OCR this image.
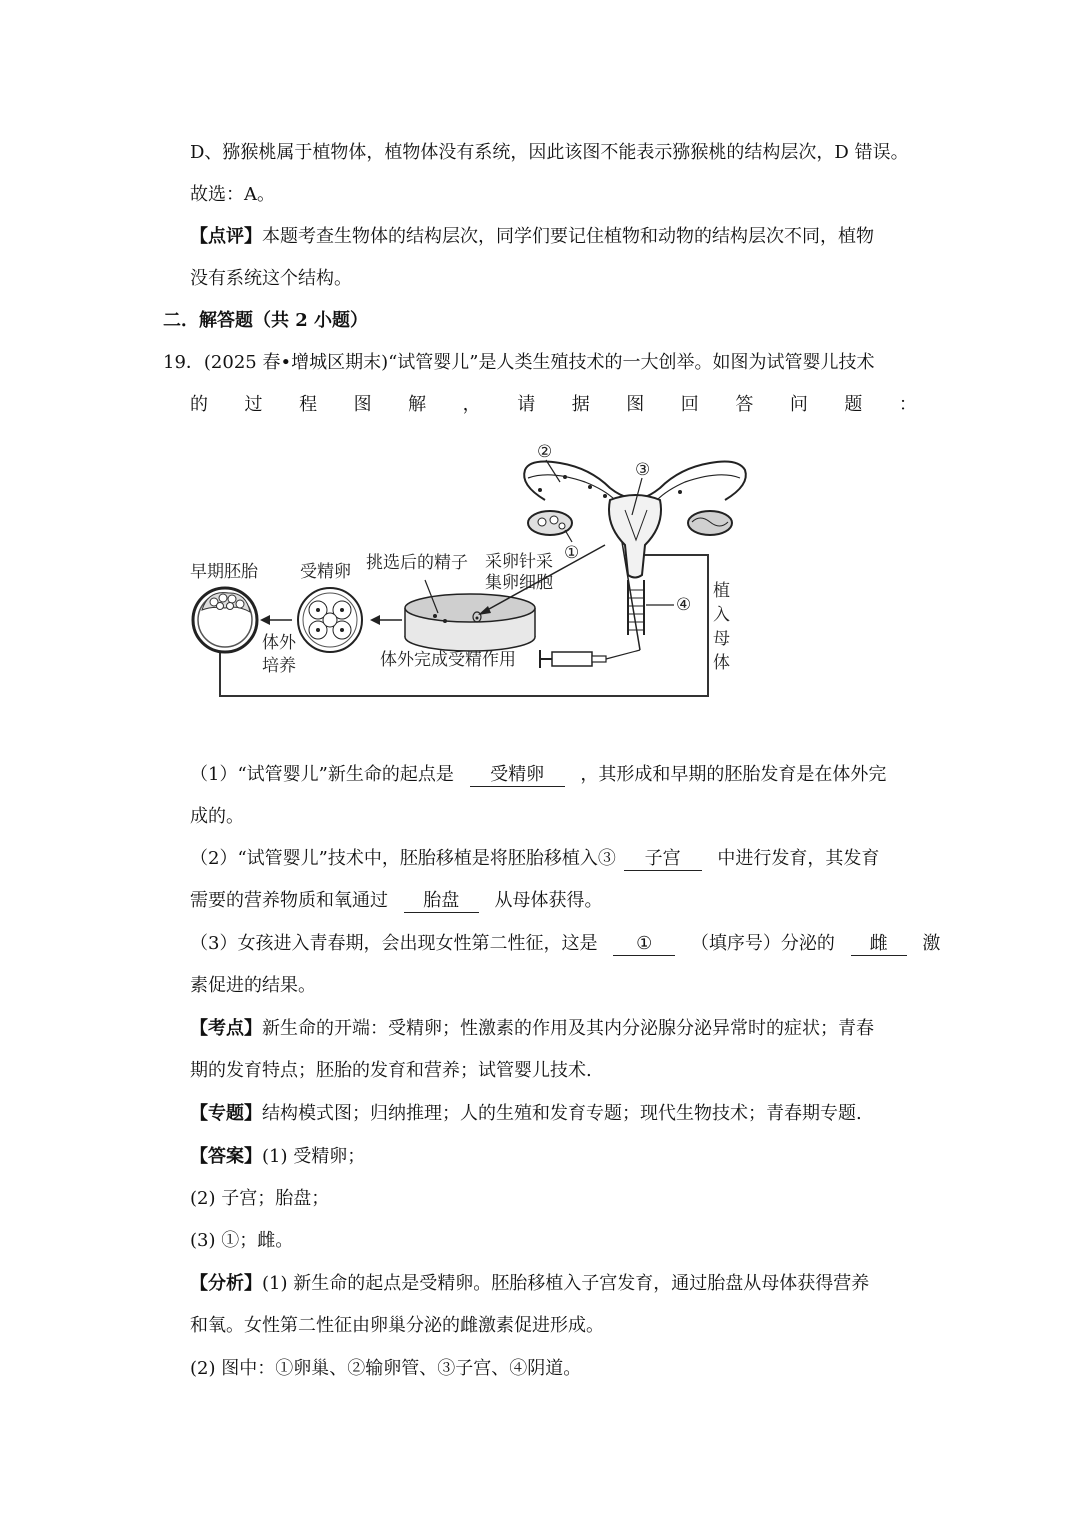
D、猕猴桃属于植物体，植物体没有系统，因此该图不能表示猕猴桃的结构层次，D 错误。
故选：A。
【点评】本题考查生物体的结构层次，同学们要记住植物和动物的结构层次不同，植物
没有系统这个结构。
二．解答题（共 2 小题）
19．(2025 春•增城区期末)“试管婴儿”是人类生殖技术的一大创举。如图为试管婴儿技术
的 过 程 图 解 ， 请 据 图 回 答 问 题 ：
早期胚胎
体外
培养
受精卵 挑选后的精子 采卵针采
集卵细胞
体外完成受精作用
②
③
①
④
植
入
母
体
（1）“试管婴儿”新生命的起点是 受精卵 ，其形成和早期的胚胎发育是在体外完
成的。
（2）“试管婴儿”技术中，胚胎移植是将胚胎移植入③ 子宫 中进行发育，其发育
需要的营养物质和氧通过 胎盘 从母体获得。
（3）女孩进入青春期，会出现女性第二性征，这是 ① （填序号）分泌的 雌 激
素促进的结果。
【考点】新生命的开端：受精卵；性激素的作用及其内分泌腺分泌异常时的症状；青春
期的发育特点；胚胎的发育和营养；试管婴儿技术.
【专题】结构模式图；归纳推理；人的生殖和发育专题；现代生物技术；青春期专题.
【答案】(1) 受精卵；
(2) 子宫；胎盘；
(3) ①；雌。
【分析】(1) 新生命的起点是受精卵。胚胎移植入子宫发育，通过胎盘从母体获得营养
和氧。女性第二性征由卵巢分泌的雌激素促进形成。
(2) 图中：①卵巢、②输卵管、③子宫、④阴道。
